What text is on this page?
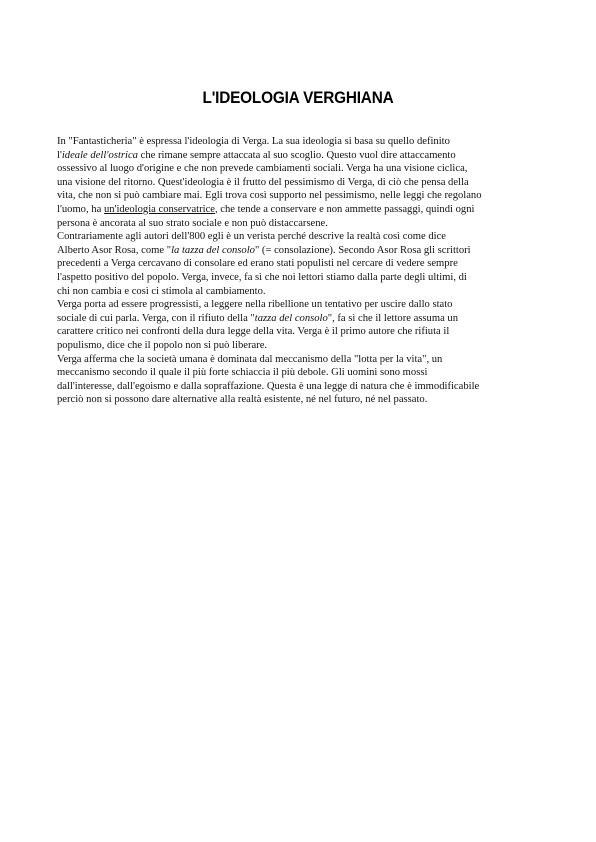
L'IDEOLOGIA VERGHIANA
In "Fantasticheria" è espressa l'ideologia di Verga. La sua ideologia si basa su quello definito
l'ideale dell'ostrica che rimane sempre attaccata al suo scoglio. Questo vuol dire attaccamento
ossessivo al luogo d'origine e che non prevede cambiamenti sociali. Verga ha una visione ciclica,
una visione del ritorno. Quest'ideologia è il frutto del pessimismo di Verga, di ciò che pensa della
vita, che non si può cambiare mai. Egli trova così supporto nel pessimismo, nelle leggi che regolano
l'uomo, ha un'ideologia conservatrice, che tende a conservare e non ammette passaggi, quindi ogni
persona è ancorata al suo strato sociale e non può distaccarsene.
Contrariamente agli autori dell'800 egli è un verista perché descrive la realtà così come dice
Alberto Asor Rosa, come "la tazza del consolo" (= consolazione). Secondo Asor Rosa gli scrittori
precedenti a Verga cercavano di consolare ed erano stati populisti nel cercare di vedere sempre
l'aspetto positivo del popolo. Verga, invece, fa sì che noi lettori stiamo dalla parte degli ultimi, di
chi non cambia e così ci stimola al cambiamento.
Verga porta ad essere progressisti, a leggere nella ribellione un tentativo per uscire dallo stato
sociale di cui parla. Verga, con il rifiuto della "tazza del consolo", fa sì che il lettore assuma un
carattere critico nei confronti della dura legge della vita. Verga è il primo autore che rifiuta il
populismo, dice che il popolo non si può liberare.
Verga afferma che la società umana è dominata dal meccanismo della "lotta per la vita", un
meccanismo secondo il quale il più forte schiaccia il più debole. Gli uomini sono mossi
dall'interesse, dall'egoismo e dalla sopraffazione. Questa è una legge di natura che è immodificabile
perciò non si possono dare alternative alla realtà esistente, né nel futuro, né nel passato.
